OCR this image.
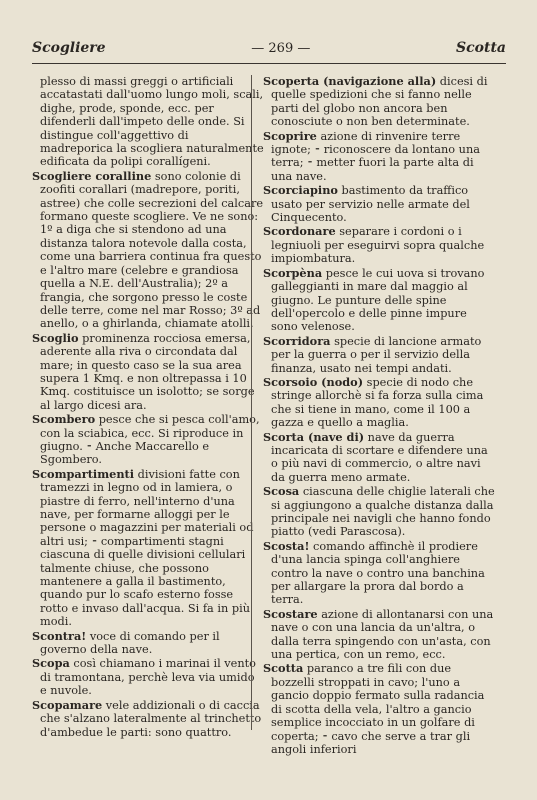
Scogliere	— 269 —	Scotta
plesso di massi greggi o artificiali accatastati dall'uomo lungo moli, scali, dighe, prode, sponde, ecc. per difenderli dall'impeto delle onde. Si distingue coll'aggettivo di madreporica la scogliera naturalmente edificata da polipi corallígeni.
Scogliere coralline sono colonie di zoofiti corallari (madrepore, poriti, astree) che colle secrezioni del calcare formano queste scogliere. Ve ne sono: 1º a diga che si stendono ad una distanza talora notevole dalla costa, come una barriera continua fra questo e l'altro mare (celebre e grandiosa quella a N.E. dell'Australia); 2º a frangia, che sorgono presso le coste delle terre, come nel mar Rosso; 3º ad anello, o a ghirlanda, chiamate atolli.
Scoglio prominenza rocciosa emersa, aderente alla riva o circondata dal mare; in questo caso se la sua area supera 1 Kmq. e non oltrepassa i 10 Kmq. costituisce un isolotto; se sorge al largo dicesi ara.
Scombero pesce che si pesca coll'amo, con la sciabica, ecc. Si riproduce in giugno. ⁃ Anche Maccarello e Sgombero.
Scompartimenti divisioni fatte con tramezzi in legno od in lamiera, o piastre di ferro, nell'interno d'una nave, per formarne alloggi per le persone o magazzini per materiali od altri usi; ⁃ compartimenti stagni ciascuna di quelle divisioni cellulari talmente chiuse, che possono mantenere a galla il bastimento, quando pur lo scafo esterno fosse rotto e invaso dall'acqua. Si fa in più modi.
Scontra! voce di comando per il governo della nave.
Scopa così chiamano i marinai il vento di tramontana, perchè leva via umido e nuvole.
Scopamare vele addizionali o di caccia che s'alzano lateralmente al trinchetto d'ambedue le parti: sono quattro.
Scoperta (navigazione alla) dicesi di quelle spedizioni che si fanno nelle parti del globo non ancora ben conosciute o non ben determinate.
Scoprire azione di rinvenire terre ignote; ⁃ riconoscere da lontano una terra; ⁃ metter fuori la parte alta di una nave.
Scorciapino bastimento da traffico usato per servizio nelle armate del Cinquecento.
Scordonare separare i cordoni o i legniuoli per eseguirvi sopra qualche impiombatura.
Scorpèna pesce le cui uova si trovano galleggianti in mare dal maggio al giugno. Le punture delle spine dell'opercolo e delle pinne impure sono velenose.
Scorridora specie di lancione armato per la guerra o per il servizio della finanza, usato nei tempi andati.
Scorsoio (nodo) specie di nodo che stringe allorchè si fa forza sulla cima che si tiene in mano, come il 100 a gazza e quello a maglia.
Scorta (nave di) nave da guerra incaricata di scortare e difendere una o più navi di commercio, o altre navi da guerra meno armate.
Scosa ciascuna delle chiglie laterali che si aggiungono a qualche distanza dalla principale nei navigli che hanno fondo piatto (vedi Parascosa).
Scosta! comando affinchè il prodiere d'una lancia spinga coll'anghiere contro la nave o contro una banchina per allargare la prora dal bordo a terra.
Scostare azione di allontanarsi con una nave o con una lancia da un'altra, o dalla terra spingendo con un'asta, con una pertica, con un remo, ecc.
Scotta paranco a tre fili con due bozzelli stroppati in cavo; l'uno a gancio doppio fermato sulla radancia di scotta della vela, l'altro a gancio semplice incocciato in un golfare di coperta; ⁃ cavo che serve a trar gli angoli inferiori
